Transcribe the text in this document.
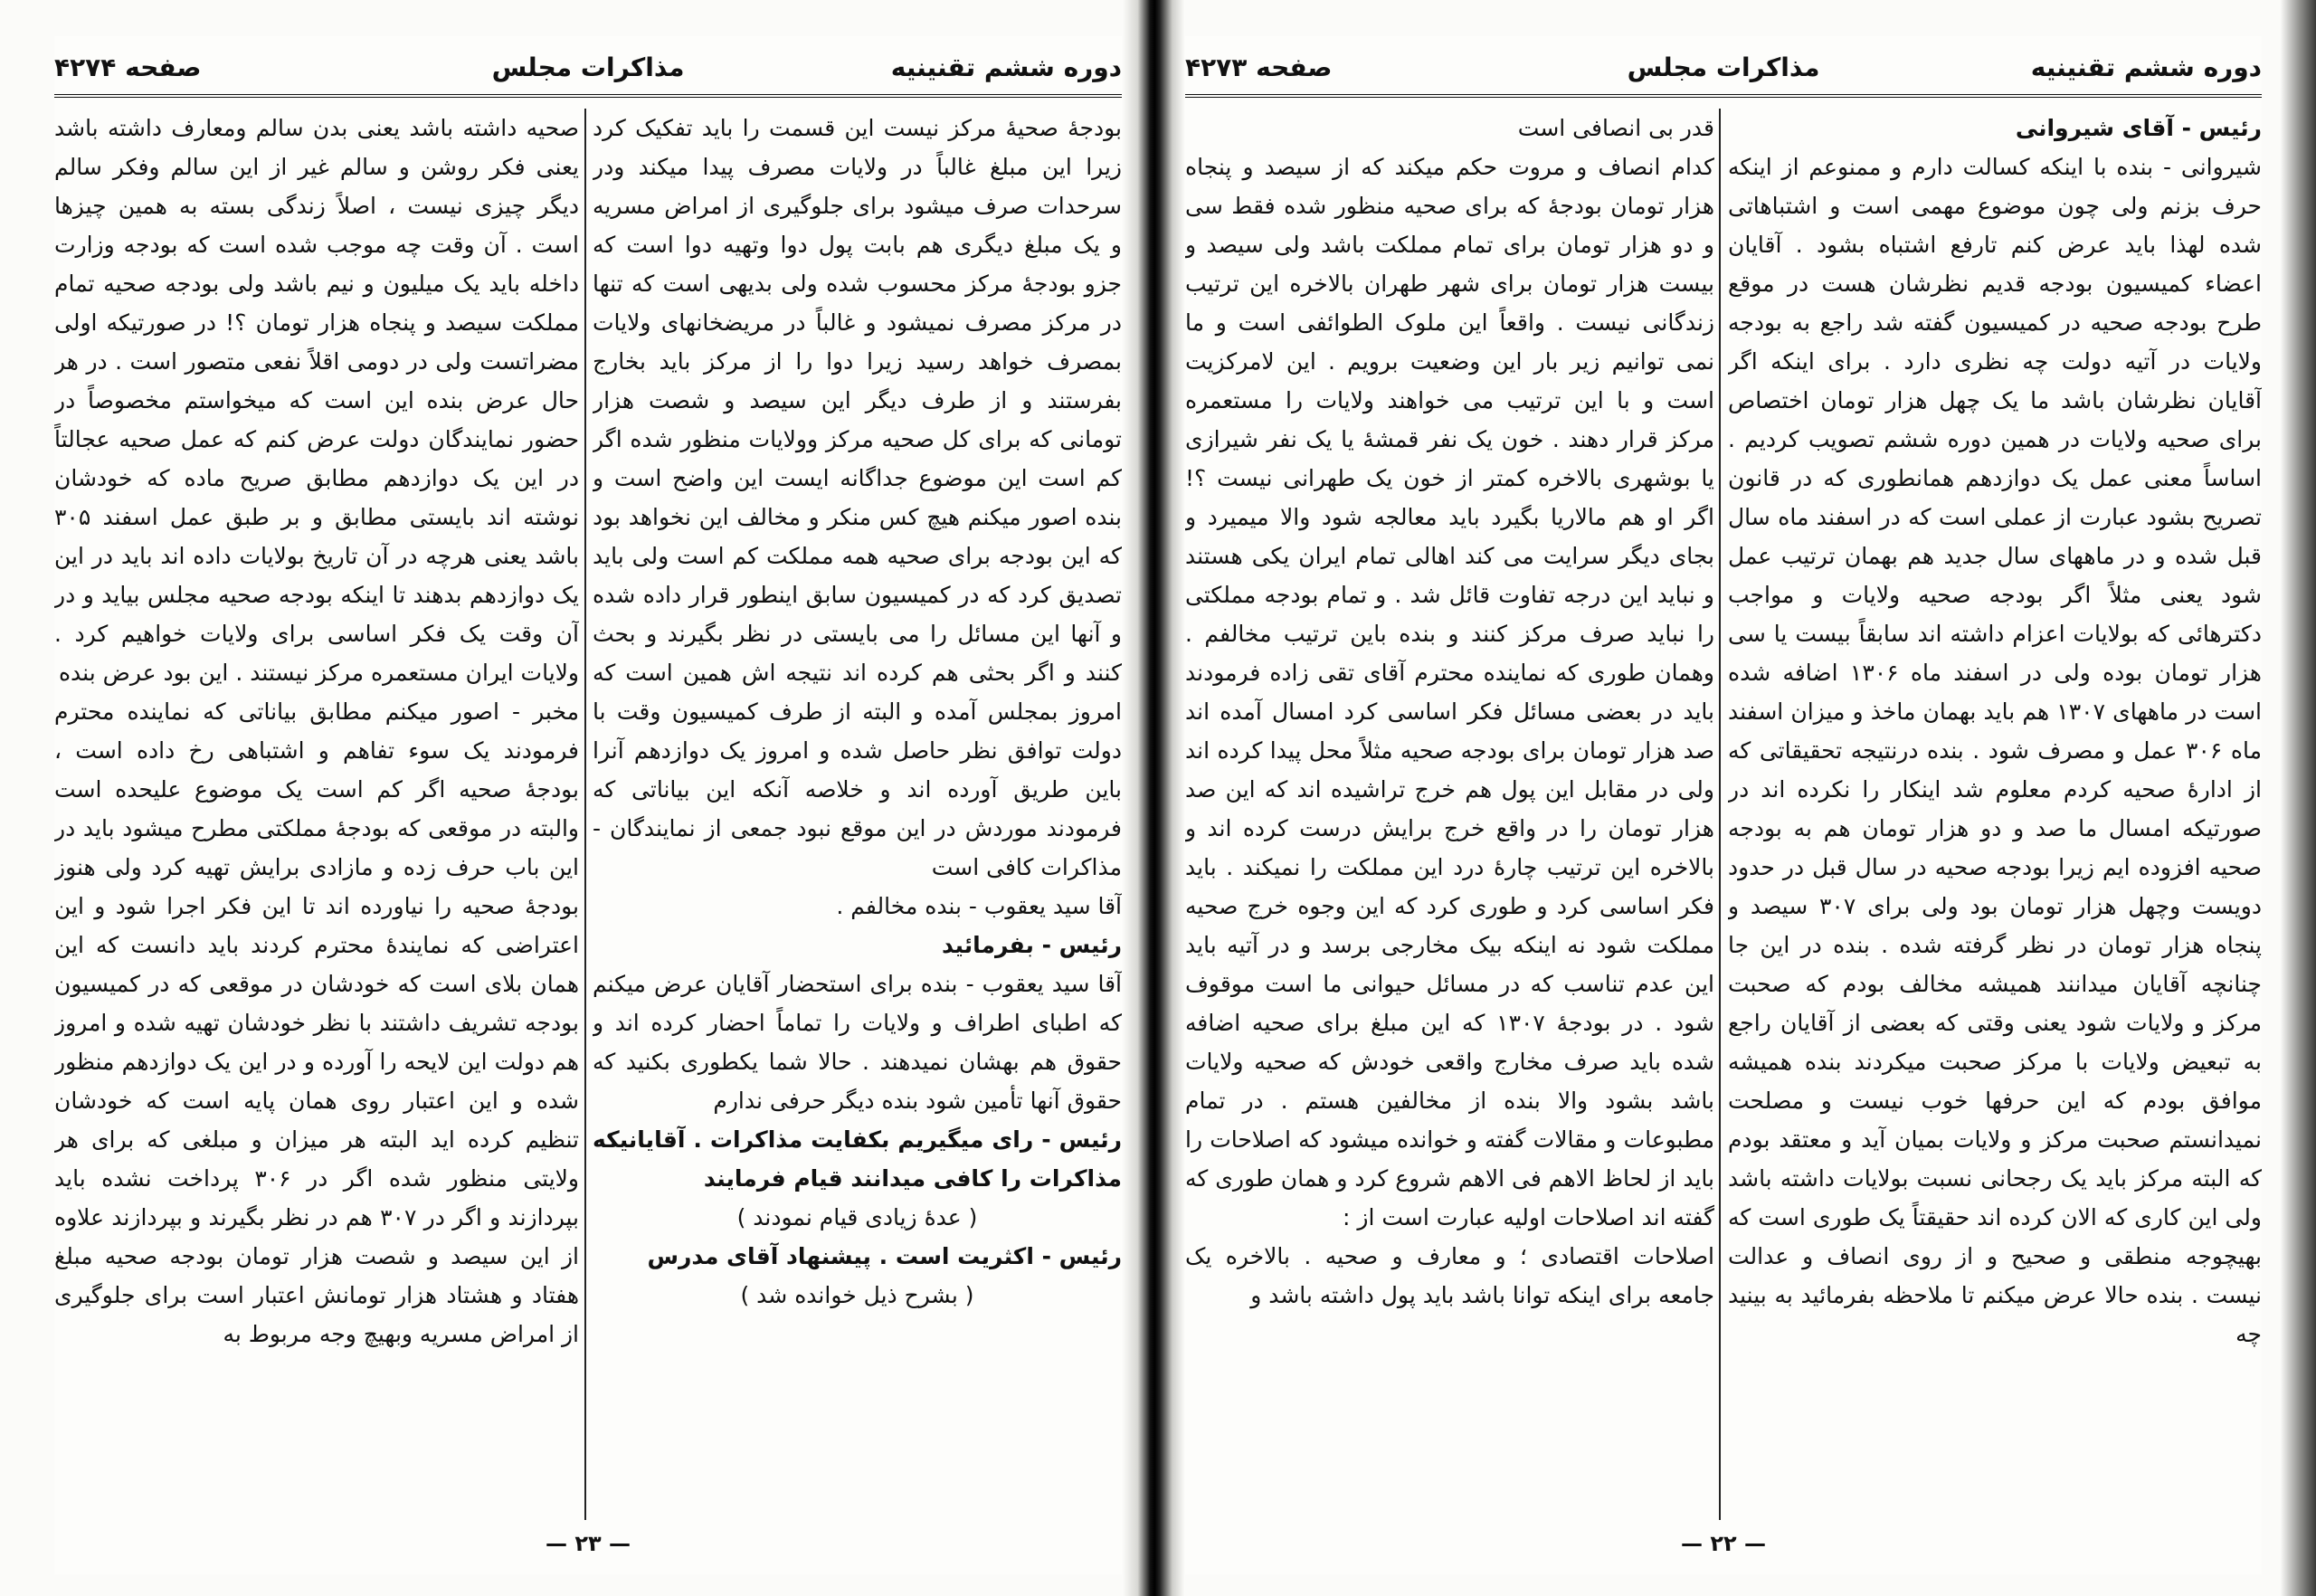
دوره ششم تقنینیه
مذاکرات مجلس
صفحه ۴۲۷۴

بودجهٔ صحیهٔ مرکز نیست این قسمت را باید تفکیک کرد زیرا این مبلغ غالباً در ولایات مصرف پیدا میکند ودر سرحدات صرف میشود برای جلوگیری از امراض مسریه و یک مبلغ دیگری هم بابت پول دوا وتهیه دوا است که جزو بودجهٔ مرکز محسوب شده ولی بدیهی است که تنها در مرکز مصرف نمیشود و غالباً در مریضخانهای ولایات بمصرف خواهد رسید زیرا دوا را از مرکز باید بخارج بفرستند و از طرف دیگر این سیصد و شصت هزار تومانی که برای کل صحیه مرکز وولایات منظور شده اگر کم است این موضوع جداگانه ایست این واضح است و بنده اصور میکنم هیچ کس منکر و مخالف این نخواهد بود که این بودجه برای صحیه همه مملکت کم است ولی باید تصدیق کرد که در کمیسیون سابق اینطور قرار داده شده و آنها این مسائل را می بایستی در نظر بگیرند و بحث کنند و اگر بحثی هم کرده اند نتیجه اش همین است که امروز بمجلس آمده و البته از طرف کمیسیون وقت با دولت توافق نظر حاصل شده و امروز یک دوازدهم آنرا باین طریق آورده اند و خلاصه آنکه این بیاناتی که فرمودند موردش در این موقع نبود جمعی از نمایندگان - مذاکرات کافی است

آقا سید یعقوب - بنده مخالفم .

رئیس - بفرمائید

آقا سید یعقوب - بنده برای استحضار آقایان عرض میکنم که اطبای اطراف و ولایات را تماماً احضار کرده اند و حقوق هم بهشان نمیدهند . حالا شما یکطوری بکنید که حقوق آنها تأمین شود بنده دیگر حرفی ندارم

رئیس - رای میگیریم بکفایت مذاکرات . آقایانیکه مذاکرات را کافی میدانند قیام فرمایند

( عدهٔ زیادی قیام نمودند )

رئیس - اکثریت است . پیشنهاد آقای مدرس

( بشرح ذیل خوانده شد )

صحیه داشته باشد یعنی بدن سالم ومعارف داشته باشد یعنی فکر روشن و سالم غیر از این سالم وفکر سالم دیگر چیزی نیست ، اصلاً زندگی بسته به همین چیزها است . آن وقت چه موجب شده است که بودجه وزارت داخله باید یک میلیون و نیم باشد ولی بودجه صحیه تمام مملکت سیصد و پنجاه هزار تومان ؟! در صورتیکه اولی مضراتست ولی در دومی اقلاً نفعی متصور است . در هر حال عرض بنده این است که میخواستم مخصوصاً در حضور نمایندگان دولت عرض کنم که عمل صحیه عجالتاً در این یک دوازدهم مطابق صریح ماده که خودشان نوشته اند بایستی مطابق و بر طبق عمل اسفند ۳۰۵ باشد یعنی هرچه در آن تاریخ بولایات داده اند باید در این یک دوازدهم بدهند تا اینکه بودجه صحیه مجلس بیاید و در آن وقت یک فکر اساسی برای ولایات خواهیم کرد . ولایات ایران مستعمره مرکز نیستند . این بود عرض بنده

مخبر - اصور میکنم مطابق بیاناتی که نماینده محترم فرمودند یک سوء تفاهم و اشتباهی رخ داده است ، بودجهٔ صحیه اگر کم است یک موضوع علیحده است والبته در موقعی که بودجهٔ مملکتی مطرح میشود باید در این باب حرف زده و مازادی برایش تهیه کرد ولی هنوز بودجهٔ صحیه را نیاورده اند تا این فکر اجرا شود و این اعتراضی که نمایندهٔ محترم کردند باید دانست که این همان بلای است که خودشان در موقعی که در کمیسیون بودجه تشریف داشتند با نظر خودشان تهیه شده و امروز هم دولت این لایحه را آورده و در این یک دوازدهم منظور شده و این اعتبار روی همان پایه است که خودشان تنظیم کرده اید البته هر میزان و مبلغی که برای هر ولایتی منظور شده اگر در ۳۰۶ پرداخت نشده باید بپردازند و اگر در ۳۰۷ هم در نظر بگیرند و بپردازند علاوه از این سیصد و شصت هزار تومان بودجه صحیه مبلغ هفتاد و هشتاد هزار تومانش اعتبار است برای جلوگیری از امراض مسریه وبهیچ وجه مربوط به

— ۲۳ —
دوره ششم تقنینیه
مذاکرات مجلس
صفحه ۴۲۷۳

رئیس - آقای شیروانی

شیروانی - بنده با اینکه کسالت دارم و ممنوعم از اینکه حرف بزنم ولی چون موضوع مهمی است و اشتباهاتی شده لهذا باید عرض کنم تارفع اشتباه بشود . آقایان اعضاء کمیسیون بودجه قدیم نظرشان هست در موقع طرح بودجه صحیه در کمیسیون گفته شد راجع به بودجه ولایات در آتیه دولت چه نظری دارد . برای اینکه اگر آقایان نظرشان باشد ما یک چهل هزار تومان اختصاص برای صحیه ولایات در همین دوره ششم تصویب کردیم . اساساً معنی عمل یک دوازدهم همانطوری که در قانون تصریح بشود عبارت از عملی است که در اسفند ماه سال قبل شده و در ماههای سال جدید هم بهمان ترتیب عمل شود یعنی مثلاً اگر بودجه صحیه ولایات و مواجب دکترهائی که بولایات اعزام داشته اند سابقاً بیست یا سی هزار تومان بوده ولی در اسفند ماه ۱۳۰۶ اضافه شده است در ماههای ۱۳۰۷ هم باید بهمان ماخذ و میزان اسفند ماه ۳۰۶ عمل و مصرف شود . بنده درنتیجه تحقیقاتی که از ادارهٔ صحیه کردم معلوم شد اینکار را نکرده اند در صورتیکه امسال ما صد و دو هزار تومان هم به بودجه صحیه افزوده ایم زیرا بودجه صحیه در سال قبل در حدود دویست وچهل هزار تومان بود ولی برای ۳۰۷ سیصد و پنجاه هزار تومان در نظر گرفته شده . بنده در این جا چنانچه آقایان میدانند همیشه مخالف بودم که صحبت مرکز و ولایات شود یعنی وقتی که بعضی از آقایان راجع به تبعیض ولایات با مرکز صحبت میکردند بنده همیشه موافق بودم که این حرفها خوب نیست و مصلحت نمیدانستم صحبت مرکز و ولایات بمیان آید و معتقد بودم که البته مرکز باید یک رجحانی نسبت بولایات داشته باشد ولی این کاری که الان کرده اند حقیقتاً یک طوری است که بهیچوجه منطقی و صحیح و از روی انصاف و عدالت نیست . بنده حالا عرض میکنم تا ملاحظه بفرمائید به بینید چه

قدر بی انصافی است

کدام انصاف و مروت حکم میکند که از سیصد و پنجاه هزار تومان بودجهٔ که برای صحیه منظور شده فقط سی و دو هزار تومان برای تمام مملکت باشد ولی سیصد و بیست هزار تومان برای شهر طهران بالاخره این ترتیب زندگانی نیست . واقعاً این ملوک الطوائفی است و ما نمی توانیم زیر بار این وضعیت برویم . این لامرکزیت است و با این ترتیب می خواهند ولایات را مستعمره مرکز قرار دهند . خون یک نفر قمشهٔ یا یک نفر شیرازی یا بوشهری بالاخره کمتر از خون یک طهرانی نیست ؟! اگر او هم مالاریا بگیرد باید معالجه شود والا میمیرد و بجای دیگر سرایت می کند اهالی تمام ایران یکی هستند و نباید این درجه تفاوت قائل شد . و تمام بودجه مملکتی را نباید صرف مرکز کنند و بنده باین ترتیب مخالفم . وهمان طوری که نماینده محترم آقای تقی زاده فرمودند باید در بعضی مسائل فکر اساسی کرد امسال آمده اند صد هزار تومان برای بودجه صحیه مثلاً محل پیدا کرده اند ولی در مقابل این پول هم خرج تراشیده اند که این صد هزار تومان را در واقع خرج برایش درست کرده اند و بالاخره این ترتیب چارهٔ درد این مملکت را نمیکند . باید فکر اساسی کرد و طوری کرد که این وجوه خرج صحیه مملکت شود نه اینکه بیک مخارجی برسد و در آتیه باید این عدم تناسب که در مسائل حیوانی ما است موقوف شود . در بودجهٔ ۱۳۰۷ که این مبلغ برای صحیه اضافه شده باید صرف مخارج واقعی خودش که صحیه ولایات باشد بشود والا بنده از مخالفین هستم . در تمام مطبوعات و مقالات گفته و خوانده میشود که اصلاحات را باید از لحاظ الاهم فی الاهم شروع کرد و همان طوری که گفته اند اصلاحات اولیه عبارت است از :

اصلاحات اقتصادی ؛ و معارف و صحیه . بالاخره یک جامعه برای اینکه توانا باشد باید پول داشته باشد و

— ۲۲ —
